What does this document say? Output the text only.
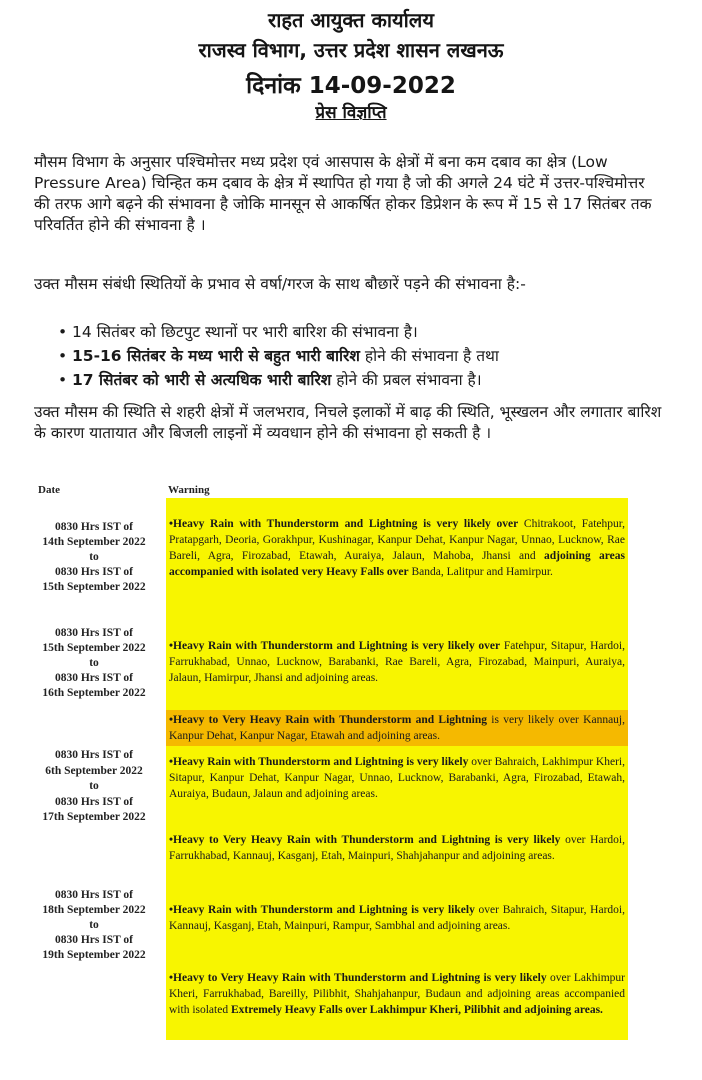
राहत आयुक्त कार्यालय
राजस्व विभाग, उत्तर प्रदेश शासन लखनऊ
दिनांक 14-09-2022
प्रेस विज्ञप्ति
मौसम विभाग के अनुसार पश्चिमोत्तर मध्य प्रदेश एवं आसपास के क्षेत्रों में बना कम दबाव का क्षेत्र (Low Pressure Area) चिन्हित कम दबाव के क्षेत्र में स्थापित हो गया है जो की अगले 24 घंटे में उत्तर-पश्चिमोत्तर की तरफ आगे बढ़ने की संभावना है जोकि मानसून से आकर्षित होकर डिप्रेशन के रूप में 15 से 17 सितंबर तक परिवर्तित होने की संभावना है ।
उक्त मौसम संबंधी स्थितियों के प्रभाव से वर्षा/गरज के साथ बौछारें पड़ने की संभावना है:-
• 14 सितंबर को छिटपुट स्थानों पर भारी बारिश की संभावना है।
• 15-16 सितंबर के मध्य भारी से बहुत भारी बारिश होने की संभावना है तथा
• 17 सितंबर को भारी से अत्यधिक भारी बारिश होने की प्रबल संभावना है।
उक्त मौसम की स्थिति से शहरी क्षेत्रों में जलभराव, निचले इलाकों में बाढ़ की स्थिति, भूस्खलन और लगातार बारिश के कारण यातायात और बिजली लाइनों में व्यवधान होने की संभावना हो सकती है ।
Date	Warning
0830 Hrs IST of
14th September 2022
to
0830 Hrs IST of
15th September 2022
•Heavy Rain with Thunderstorm and Lightning is very likely over Chitrakoot, Fatehpur, Pratapgarh, Deoria, Gorakhpur, Kushinagar, Kanpur Dehat, Kanpur Nagar, Unnao, Lucknow, Rae Bareli, Agra, Firozabad, Etawah, Auraiya, Jalaun, Mahoba, Jhansi and adjoining areas accompanied with isolated very Heavy Falls over Banda, Lalitpur and Hamirpur.
0830 Hrs IST of
15th September 2022
to
0830 Hrs IST of
16th September 2022
•Heavy Rain with Thunderstorm and Lightning is very likely over Fatehpur, Sitapur, Hardoi, Farrukhabad, Unnao, Lucknow, Barabanki, Rae Bareli, Agra, Firozabad, Mainpuri, Auraiya, Jalaun, Hamirpur, Jhansi and adjoining areas.
•Heavy to Very Heavy Rain with Thunderstorm and Lightning is very likely over Kannauj, Kanpur Dehat, Kanpur Nagar, Etawah and adjoining areas.
0830 Hrs IST of
6th September 2022
to
0830 Hrs IST of
17th September 2022
•Heavy Rain with Thunderstorm and Lightning is very likely over Bahraich, Lakhimpur Kheri, Sitapur, Kanpur Dehat, Kanpur Nagar, Unnao, Lucknow, Barabanki, Agra, Firozabad, Etawah, Auraiya, Budaun, Jalaun and adjoining areas.
•Heavy to Very Heavy Rain with Thunderstorm and Lightning is very likely over Hardoi, Farrukhabad, Kannauj, Kasganj, Etah, Mainpuri, Shahjahanpur and adjoining areas.
0830 Hrs IST of
18th September 2022
to
0830 Hrs IST of
19th September 2022
•Heavy Rain with Thunderstorm and Lightning is very likely over Bahraich, Sitapur, Hardoi, Kannauj, Kasganj, Etah, Mainpuri, Rampur, Sambhal and adjoining areas.
•Heavy to Very Heavy Rain with Thunderstorm and Lightning is very likely over Lakhimpur Kheri, Farrukhabad, Bareilly, Pilibhit, Shahjahanpur, Budaun and adjoining areas accompanied with isolated Extremely Heavy Falls over Lakhimpur Kheri, Pilibhit and adjoining areas.
